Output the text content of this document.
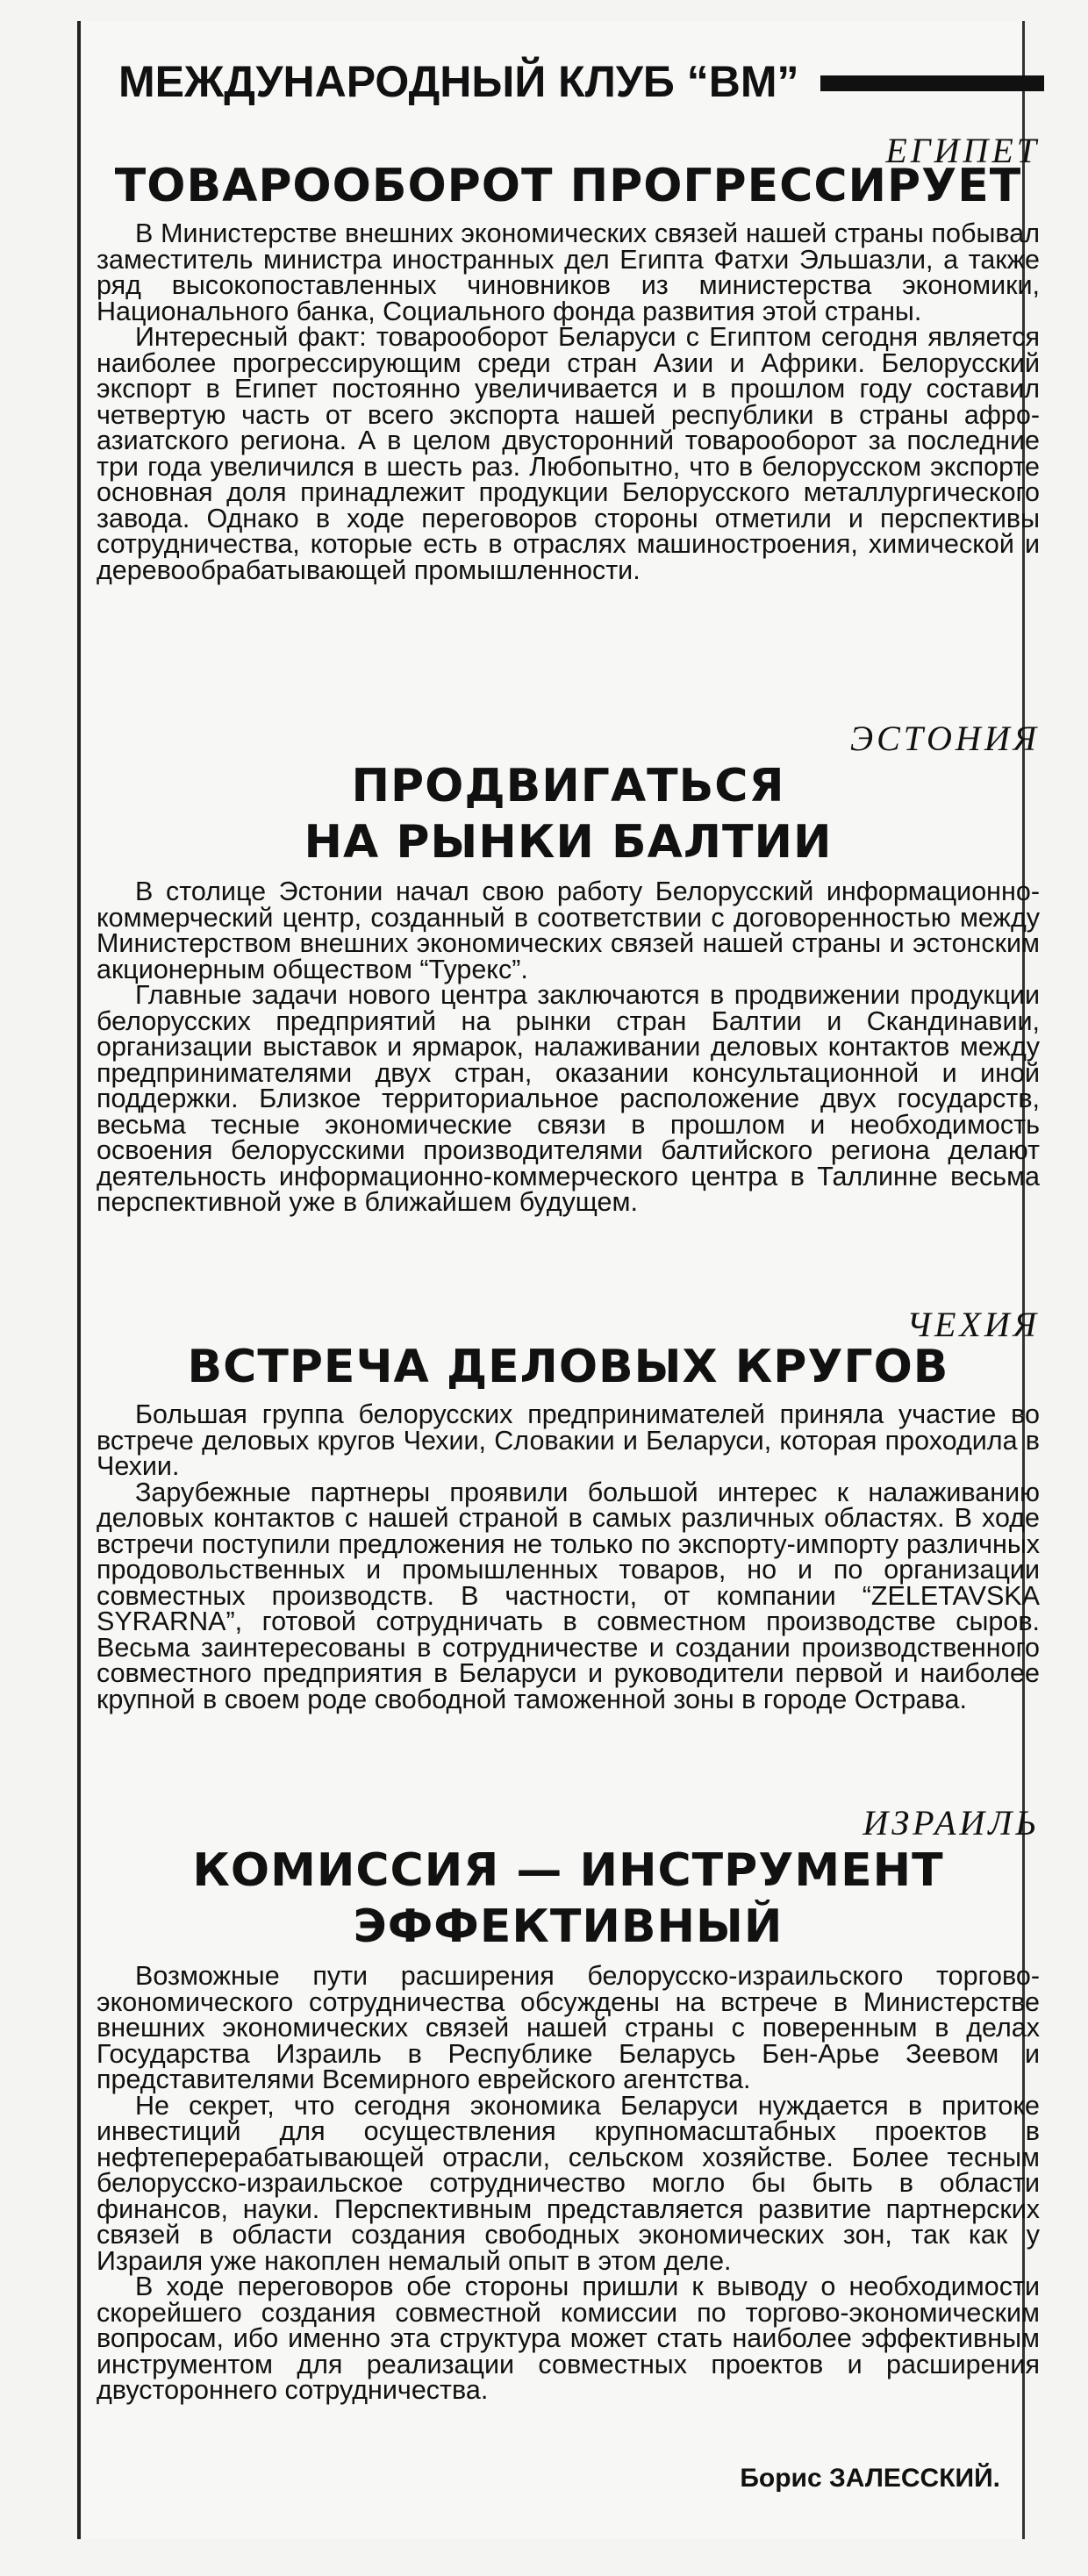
МЕЖДУНАРОДНЫЙ КЛУБ “ВМ”
ЕГИПЕТ
ТОВАРООБОРОТ ПРОГРЕССИРУЕТ

В Министерстве внешних экономических связей нашей страны побывал заместитель министра иностранных дел Египта Фатхи Эльшазли, а также ряд высокопоставленных чиновников из министерства экономики, Национального банка, Социального фонда развития этой страны.

Интересный факт: товарооборот Беларуси с Египтом сегодня является наиболее прогрессирующим среди стран Азии и Африки. Белорусский экспорт в Египет постоянно увеличивается и в прошлом году составил четвертую часть от всего экспорта нашей республики в страны афро-азиатского региона. А в целом двусторонний товарооборот за последние три года увеличился в шесть раз. Любопытно, что в белорусском экспорте основная доля принадлежит продукции Белорусского металлургического завода. Однако в ходе переговоров стороны отметили и перспективы сотрудничества, которые есть в отраслях машиностроения, химической и деревообрабатывающей промышленности.

ЭСТОНИЯ
ПРОДВИГАТЬСЯ
НА РЫНКИ БАЛТИИ

В столице Эстонии начал свою работу Белорусский информационно-коммерческий центр, созданный в соответствии с договоренностью между Министерством внешних экономических связей нашей страны и эстонским акционерным обществом “Турекс”.

Главные задачи нового центра заключаются в продвижении продукции белорусских предприятий на рынки стран Балтии и Скандинавии, организации выставок и ярмарок, налаживании деловых контактов между предпринимателями двух стран, оказании консультационной и иной поддержки. Близкое территориальное расположение двух государств, весьма тесные экономические связи в прошлом и необходимость освоения белорусскими производителями балтийского региона делают деятельность информационно-коммерческого центра в Таллинне весьма перспективной уже в ближайшем будущем.

ЧЕХИЯ
ВСТРЕЧА ДЕЛОВЫХ КРУГОВ

Большая группа белорусских предпринимателей приняла участие во встрече деловых кругов Чехии, Словакии и Беларуси, которая проходила в Чехии.

Зарубежные партнеры проявили большой интерес к налаживанию деловых контактов с нашей страной в самых различных областях. В ходе встречи поступили предложения не только по экспорту-импорту различных продовольственных и промышленных товаров, но и по организации совместных производств. В частности, от компании “ZELETAVSKA SYRARNA”, готовой сотрудничать в совместном производстве сыров. Весьма заинтересованы в сотрудничестве и создании производственного совместного предприятия в Беларуси и руководители первой и наиболее крупной в своем роде свободной таможенной зоны в городе Острава.

ИЗРАИЛЬ
КОМИССИЯ — ИНСТРУМЕНТ
ЭФФЕКТИВНЫЙ

Возможные пути расширения белорусско-израильского торгово-экономического сотрудничества обсуждены на встрече в Министерстве внешних экономических связей нашей страны с поверенным в делах Государства Израиль в Республике Беларусь Бен-Арье Зеевом и представителями Всемирного еврейского агентства.

Не секрет, что сегодня экономика Беларуси нуждается в притоке инвестиций для осуществления крупномасштабных проектов в нефтеперерабатывающей отрасли, сельском хозяйстве. Более тесным белорусско-израильское сотрудничество могло бы быть в области финансов, науки. Перспективным представляется развитие партнерских связей в области создания свободных экономических зон, так как у Израиля уже накоплен немалый опыт в этом деле.

В ходе переговоров обе стороны пришли к выводу о необходимости скорейшего создания совместной комиссии по торгово-экономическим вопросам, ибо именно эта структура может стать наиболее эффективным инструментом для реализации совместных проектов и расширения двустороннего сотрудничества.

Борис ЗАЛЕССКИЙ.
